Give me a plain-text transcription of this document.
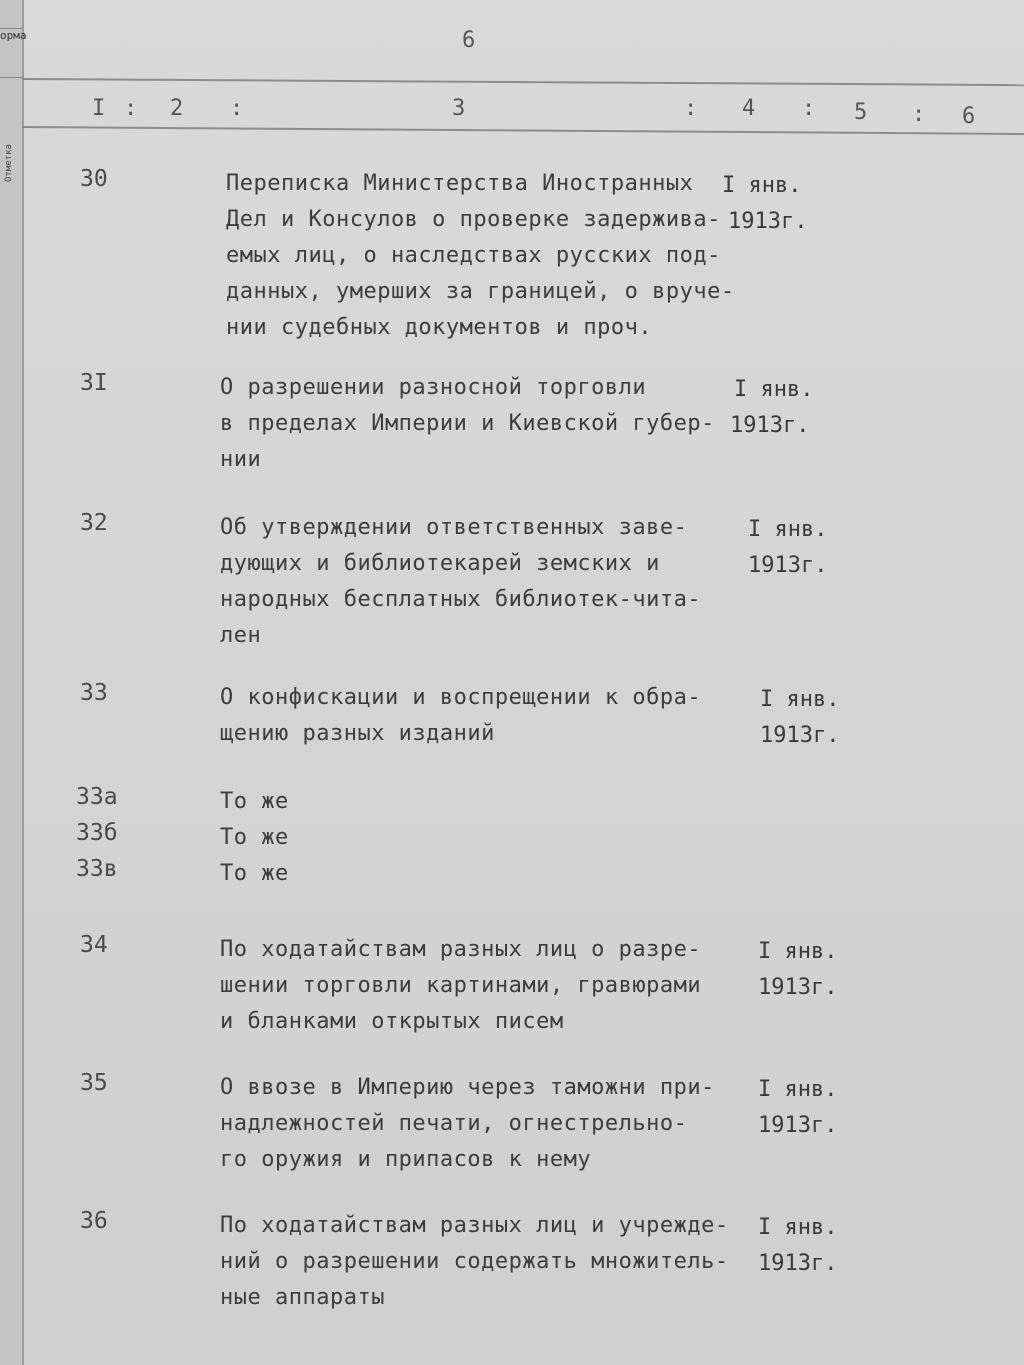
орма
Отметка
6
I : 2 :	3	: 4 : 5 : 6
30	Переписка Министерства Иностранных
Дел и Консулов о проверке задержива-
емых лиц, о наследствах русских под-
данных, умерших за границей, о вруче-
нии судебных документов и проч.
I янв.
1913г.
3I	О разрешении разносной торговли
в пределах Империи и Киевской губер-
нии
I янв.
1913г.
32	Об утверждении ответственных заве-
дующих и библиотекарей земских и
народных бесплатных библиотек-чита-
лен
I янв.
1913г.
33	О конфискации и воспрещении к обра-
щению разных изданий
I янв.
1913г.
33а	То же
33б	То же
33в	То же
34	По ходатайствам разных лиц о разре-
шении торговли картинами, гравюрами
и бланками открытых писем
I янв.
1913г.
35	О ввозе в Империю через таможни при-
надлежностей печати, огнестрельно-
го оружия и припасов к нему
I янв.
1913г.
36	По ходатайствам разных лиц и учрежде-
ний о разрешении содержать множитель-
ные аппараты
I янв.
1913г.
